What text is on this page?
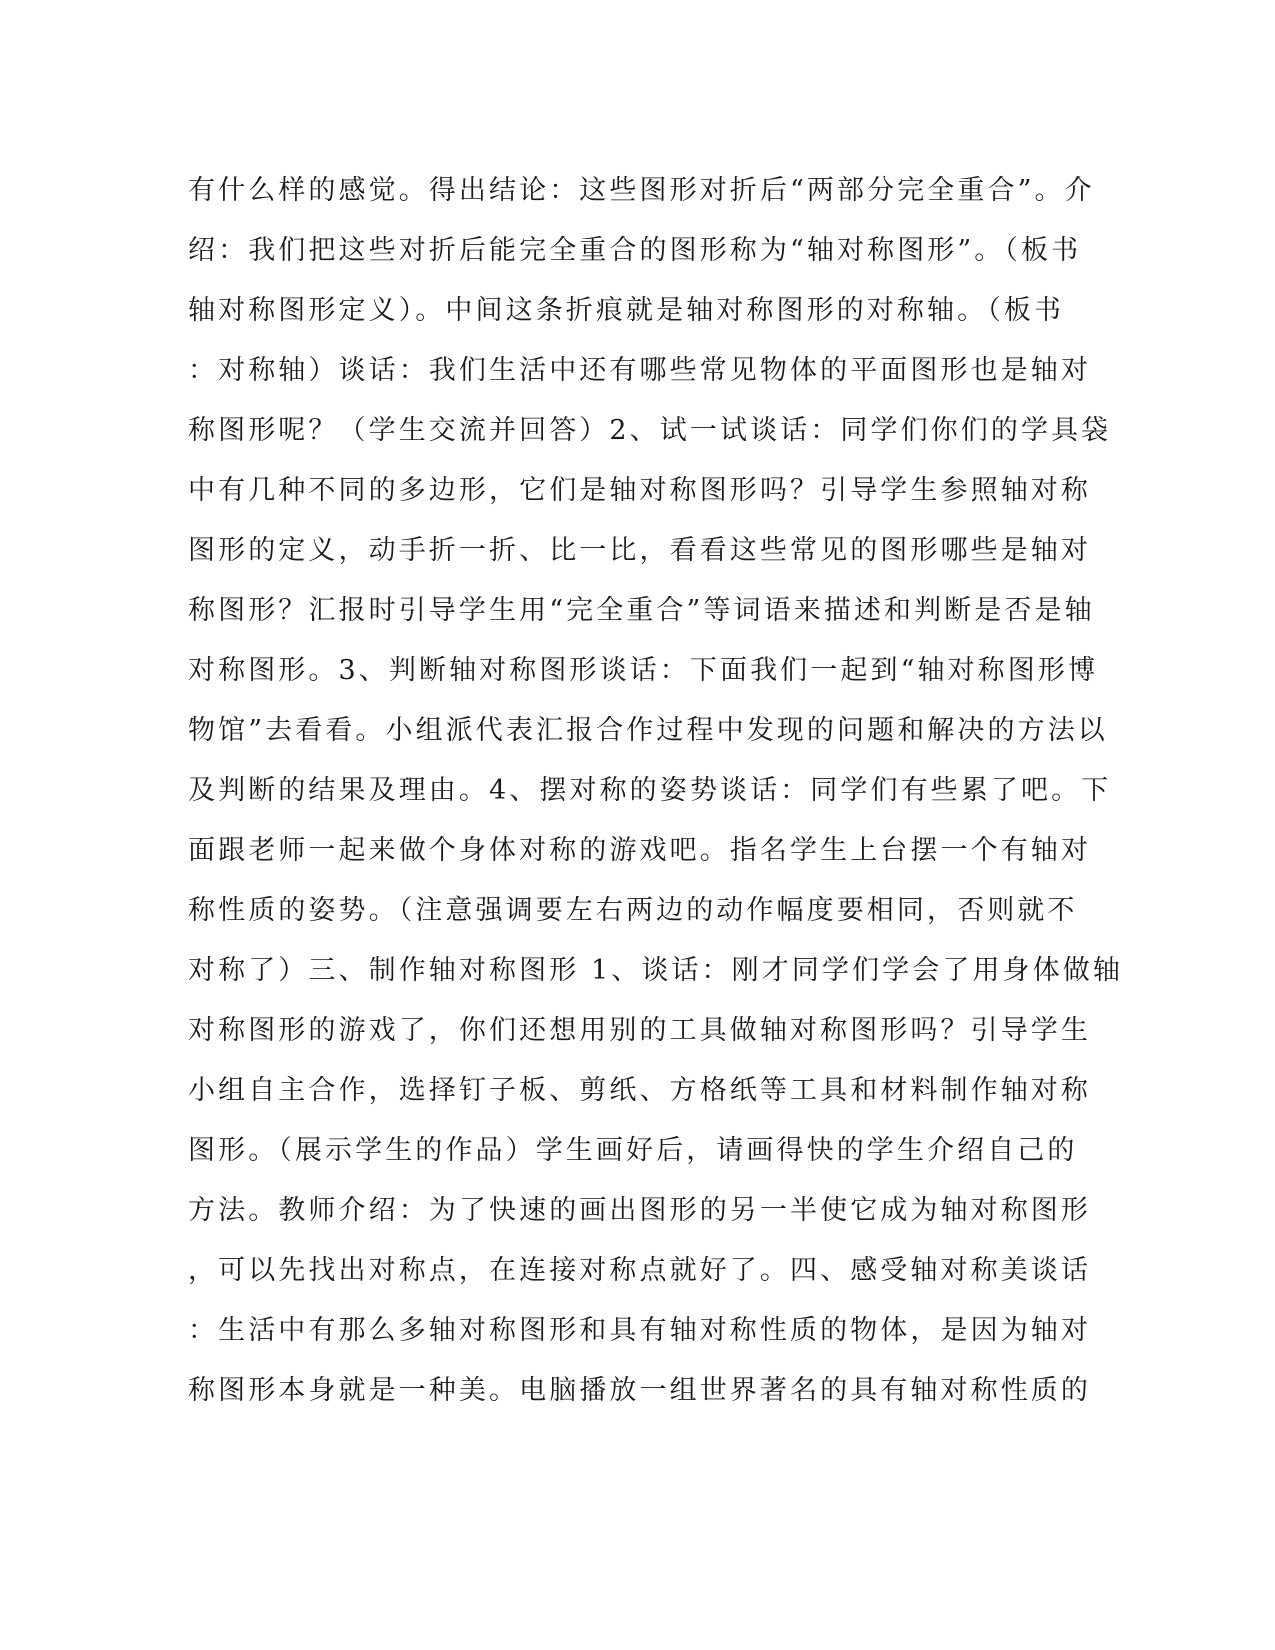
有什么样的感觉。得出结论：这些图形对折后“两部分完全重合”。介
绍：我们把这些对折后能完全重合的图形称为“轴对称图形”。（板书
轴对称图形定义）。中间这条折痕就是轴对称图形的对称轴。（板书
：对称轴）谈话：我们生活中还有哪些常见物体的平面图形也是轴对
称图形呢？（学生交流并回答）2、试一试谈话：同学们你们的学具袋
中有几种不同的多边形，它们是轴对称图形吗？引导学生参照轴对称
图形的定义，动手折一折、比一比，看看这些常见的图形哪些是轴对
称图形？汇报时引导学生用“完全重合”等词语来描述和判断是否是轴
对称图形。3、判断轴对称图形谈话：下面我们一起到“轴对称图形博
物馆”去看看。小组派代表汇报合作过程中发现的问题和解决的方法以
及判断的结果及理由。4、摆对称的姿势谈话：同学们有些累了吧。下
面跟老师一起来做个身体对称的游戏吧。指名学生上台摆一个有轴对
称性质的姿势。（注意强调要左右两边的动作幅度要相同，否则就不
对称了）三、制作轴对称图形 1、谈话：刚才同学们学会了用身体做轴
对称图形的游戏了，你们还想用别的工具做轴对称图形吗？引导学生
小组自主合作，选择钉子板、剪纸、方格纸等工具和材料制作轴对称
图形。（展示学生的作品）学生画好后，请画得快的学生介绍自己的
方法。教师介绍：为了快速的画出图形的另一半使它成为轴对称图形
，可以先找出对称点，在连接对称点就好了。四、感受轴对称美谈话
：生活中有那么多轴对称图形和具有轴对称性质的物体，是因为轴对
称图形本身就是一种美。电脑播放一组世界著名的具有轴对称性质的
